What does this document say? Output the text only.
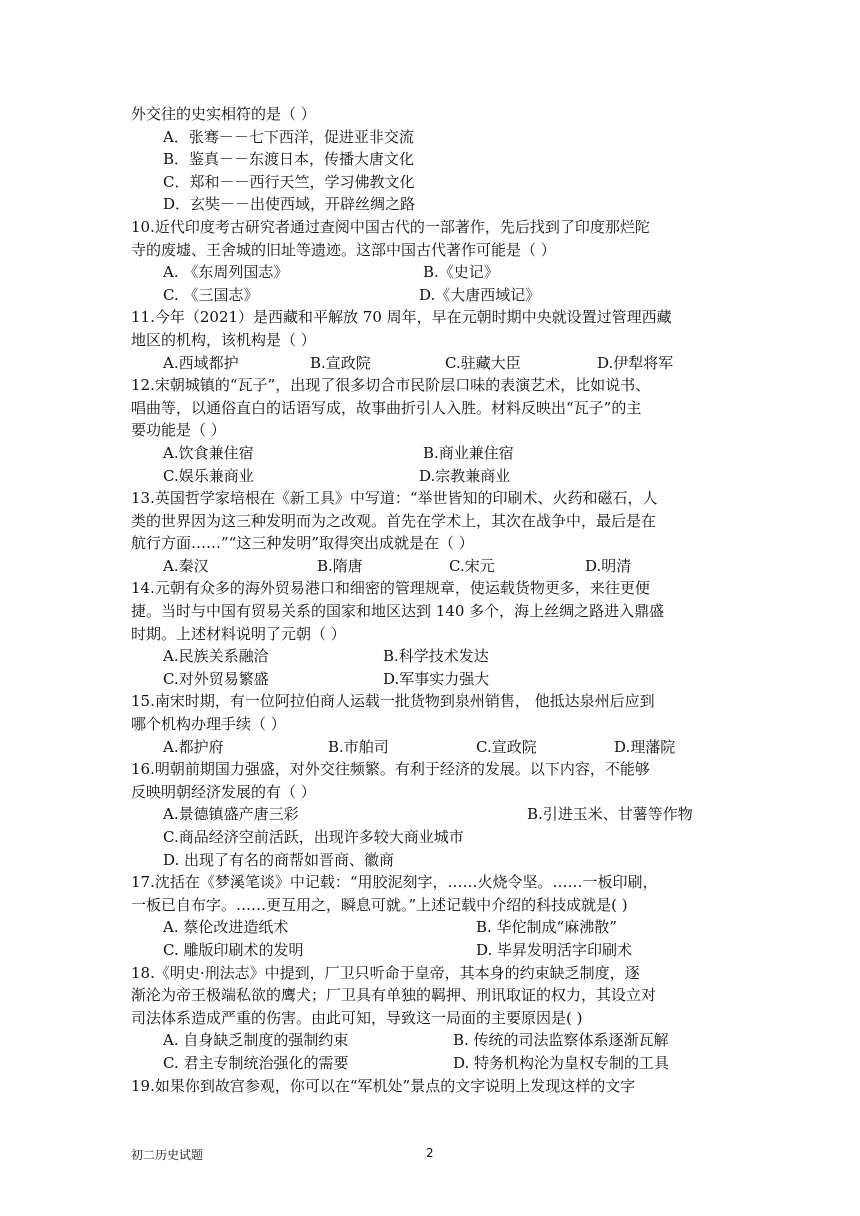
外交往的史实相符的是（ ）
A．张骞－－七下西洋，促进亚非交流
B．鉴真－－东渡日本，传播大唐文化
C．郑和－－西行天竺，学习佛教文化
D．玄奘－－出使西域，开辟丝绸之路
10.近代印度考古研究者通过查阅中国古代的一部著作，先后找到了印度那烂陀
寺的废墟、王舍城的旧址等遗迹。这部中国古代著作可能是（ ）
A. 《东周列国志》	B.《史记》
C. 《三国志》	D.《大唐西域记》
11.今年（2021）是西藏和平解放 70 周年，早在元朝时期中央就设置过管理西藏
地区的机构，该机构是（ ）
A.西域都护	B.宣政院	C.驻藏大臣	D.伊犁将军
12.宋朝城镇的“瓦子”，出现了很多切合市民阶层口味的表演艺术，比如说书、
唱曲等，以通俗直白的话语写成，故事曲折引人入胜。材料反映出“瓦子”的主
要功能是（ ）
A.饮食兼住宿	B.商业兼住宿
C.娱乐兼商业	D.宗教兼商业
13.英国哲学家培根在《新工具》中写道：“举世皆知的印刷术、火药和磁石，人
类的世界因为这三种发明而为之改观。首先在学术上，其次在战争中，最后是在
航行方面……”“这三种发明”取得突出成就是在（ ）
A.秦汉	B.隋唐	C.宋元	D.明清
14.元朝有众多的海外贸易港口和细密的管理规章，使运载货物更多，来往更便
捷。当时与中国有贸易关系的国家和地区达到 140 多个，海上丝绸之路进入鼎盛
时期。上述材料说明了元朝（ ）
A.民族关系融洽	B.科学技术发达
C.对外贸易繁盛	D.军事实力强大
15.南宋时期，有一位阿拉伯商人运载一批货物到泉州销售， 他抵达泉州后应到
哪个机构办理手续（ ）
A.都护府	B.市舶司	C.宣政院	D.理藩院
16.明朝前期国力强盛，对外交往频繁。有利于经济的发展。以下内容，不能够
反映明朝经济发展的有（ ）
A.景德镇盛产唐三彩	B.引进玉米、甘薯等作物
C.商品经济空前活跃，出现许多较大商业城市
D. 出现了有名的商帮如晋商、徽商
17.沈括在《梦溪笔谈》中记载：“用胶泥刻字，……火烧令坚。……一板印刷，
一板已自布字。……更互用之，瞬息可就。”上述记载中介绍的科技成就是( )
A. 蔡伦改进造纸术	B. 华佗制成“麻沸散”
C. 雕版印刷术的发明	D. 毕昇发明活字印刷术
18.《明史·刑法志》中提到，厂卫只听命于皇帝，其本身的约束缺乏制度，逐
渐沦为帝王极端私欲的鹰犬；厂卫具有单独的羁押、刑讯取证的权力，其设立对
司法体系造成严重的伤害。由此可知，导致这一局面的主要原因是( )
A. 自身缺乏制度的强制约束	B. 传统的司法监察体系逐渐瓦解
C. 君主专制统治强化的需要	D. 特务机构沦为皇权专制的工具
19.如果你到故宫参观，你可以在“军机处”景点的文字说明上发现这样的文字
初二历史试题	2
